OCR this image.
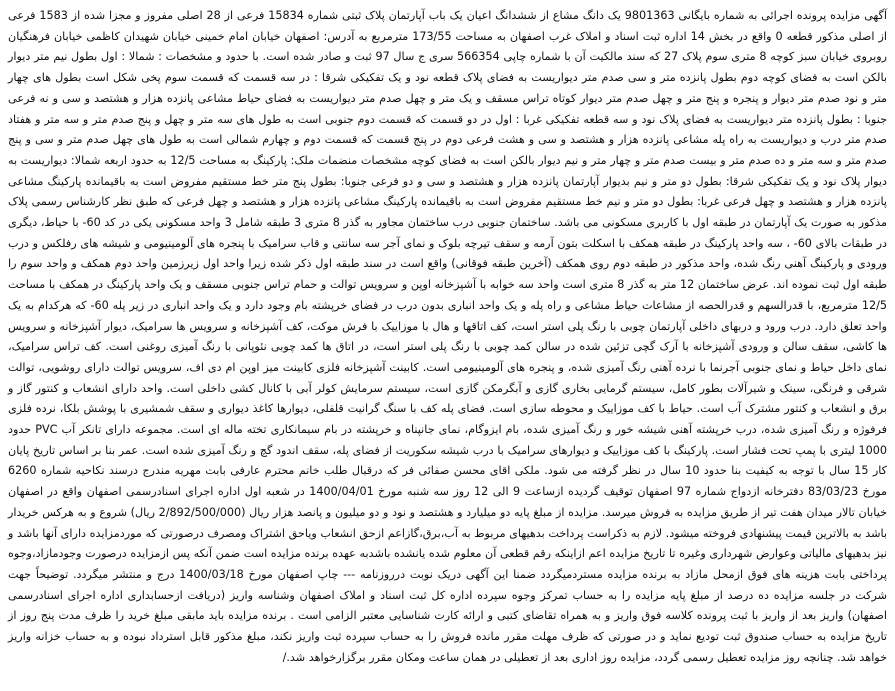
آگهی مزایده پرونده اجرائی به شماره بایگانی 9801363 یک دانگ مشاع از ششدانگ اعیان یک باب آپارتمان پلاک ثبتی شماره 15834 فرعی از 28 اصلی مفروز و مجزا شده از 1583 فرعی از اصلی مذکور قطعه 0 واقع در بخش 14 اداره ثبت اسناد و املاک غرب اصفهان به مساحت 173/55 مترمربع به آدرس: اصفهان خیابان امام خمینی خیابان شهیدان کاظمی خیابان فرهنگیان روبروی خیابان سبز کوچه 8 متری سوم پلاک 27 که سند مالکیت آن با شماره چاپی 566354 سری ج سال 97 ثبت و صادر شده است. با حدود و مشخصات : شمالا : اول بطول نیم متر دیوار بالکن است به فضای کوچه دوم بطول پانزده متر و سی صدم متر دیواریست به فضای پلاک قطعه نود و یک تفکیکی شرقا : در سه قسمت که قسمت سوم پخی شکل است بطول های چهار متر و نود صدم متر دیوار و پنجره و پنج متر و چهل صدم متر دیوار کوتاه تراس مسقف و یک متر و چهل صدم متر دیواریست به فضای حیاط مشاعی پانزده هزار و هشتصد و سی و نه فرعی جنوبا : بطول پانزده متر دیواریست به فضای پلاک نود و سه قطعه تفکیکی غربا : اول در دو قسمت که قسمت دوم جنوبی است به طول های سه متر و چهل و پنج صدم متر و سه متر و هفتاد صدم متر درب و دیواریست به راه پله مشاعی پانزده هزار و هشتصد و سی و هشت فرعی دوم در پنج قسمت که قسمت دوم و چهارم شمالی است به طول های چهل صدم متر و سی و پنج صدم متر و سه متر و ده صدم متر و بیست صدم متر و چهار متر و نیم دیوار بالکن است به فضای کوچه مشخصات منضمات ملک: پارکینگ به مساحت 12/5 به حدود اربعه شمالا: دیواریست به دیوار پلاک نود و یک تفکیکی شرقا: بطول دو متر و نیم بدیوار آپارتمان پانزده هزار و هشتصد و سی و دو فرعی جنوبا: بطول پنج متر خط مستقیم مفروض است به باقیمانده پارکینگ مشاعی پانزده هزار و هشتصد و چهل فرعی غربا: بطول دو متر و نیم خط مستقیم مفروض است به باقیمانده پارکینگ مشاعی پانزده هزار و هشتصد و چهل فرعی که طبق نظر کارشناس رسمی پلاک مذکور به صورت یک آپارتمان در طبقه اول با کاربری مسکونی می باشد. ساختمان جنوبی درب ساختمان مجاور به گذر 8 متری 3 طبقه شامل 3 واحد مسکونی یکی در کد 60- با حیاط، دیگری در طبقات بالای 60- ، سه واحد پارکینگ در طبقه همکف با اسکلت بتون آرمه و سقف تیرچه بلوک و نمای آجر سه سانتی و قاب سرامیک با پنجره های آلومینیومی و شیشه های رفلکس و درب ورودی و پارکینگ آهنی رنگ شده، واحد مذکور در طبقه دوم روی همکف (آخرین طبقه فوقانی) واقع است در سند طبقه اول ذکر شده زیرا واحد اول زیرزمین واحد دوم همکف و واحد سوم را طبقه اول ثبت نموده اند. عرض ساختمان 12 متر به گذر 8 متری است واحد سه خوابه با آشپزخانه اوپن و سرویس توالت و حمام تراس جنوبی مسقف و یک واحد پارکینگ در همکف با مساحت 12/5 مترمربع، با قدرالسهم و قدرالحصه از مشاعات حیاط مشاعی و راه پله و یک واحد انباری بدون درب در فضای خرپشته بام وجود دارد و یک واحد انباری در زیر پله 60- که هرکدام به یک واحد تعلق دارد. درب ورود و دربهای داخلی آپارتمان چوبی با رنگ پلی استر است، کف اتاقها و هال با موزاییک با فرش موکت، کف آشپزخانه و سرویس ها سرامیک، دیوار آشپزخانه و سرویس ها کاشی، سقف سالن و ورودی آشپزخانه با آرک گچی تزئین شده در سالن کمد چوبی با رنگ پلی استر است، در اتاق ها کمد چوبی نئوپانی با رنگ آمیزی روغنی است. کف تراس سرامیک، نمای داخل حیاط و نمای جنوبی آجرنما با نرده آهنی رنگ آمیزی شده، و پنجره های آلومینیومی است. کابینت آشپزخانه فلزی کابینت میز اوپن ام دی اف، سرویس توالت دارای روشویی، توالت شرقی و فرنگی، سینک و شیرآلات بطور کامل، سیستم گرمایی بخاری گازی و آبگرمکن گازی است، سیستم سرمایش کولر آبی با کانال کشی داخلی است. واحد دارای انشعاب و کنتور گاز و برق و انشعاب و کنتور مشترک آب است. حیاط با کف موزاییک و محوطه سازی است. فضای پله کف با سنگ گرانیت قلفلی، دیوارها کاغذ دیواری و سقف شمشیری با پوشش بلکا، نرده فلزی فرفوژه و رنگ آمیزی شده، درب خرپشته آهنی شیشه خور و رنگ آمیزی شده، بام ایزوگام، نمای جانپناه و خرپشته در بام سیمانکاری تخته ماله ای است. مجموعه دارای تانکر آب PVC حدود 1000 لیتری با پمپ تحت فشار است. پارکینگ با کف موزاییک و دیوارهای سرامیک با درب شیشه سکوریت از فضای پله، سقف اندود گچ و رنگ آمیزی شده است. عمر بنا بر اساس تاریخ پایان کار 15 سال با توجه به کیفیت بنا حدود 10 سال در نظر گرفته می شود. ملکی اقای محسن صفائی فر که درقبال طلب خانم محترم عارفی بابت مهریه مندرج درسند نکاحیه شماره 6260 مورخ 83/03/23 دفترخانه ازدواج شماره 97 اصفهان توقیف گردیده ازساعت 9 الی 12 روز سه شنبه مورخ 1400/04/01 در شعبه اول اداره اجرای اسنادرسمی اصفهان واقع در اصفهان خیابان تالار میدان هفت تیر از طریق مزایده به فروش میرسد. مزایده از مبلغ پایه دو میلیارد و هشتصد و نود و دو میلیون و پانصد هزار ریال (2/892/500/000 ریال) شروع و به هرکس خریدار باشد به بالاترین قیمت پیشنهادی فروخته میشود. لازم به ذکراست پرداخت بدهیهای مربوط به آب،برق،گازاعم ازحق انشعاب وياحق اشتراک ومصرف درصورتی که موردمزایده دارای آنها باشد و نیز بدهیهای مالیاتی وعوارض شهرداری وغیره تا تاریخ مزایده اعم ازاینکه رقم قطعی آن معلوم شده یانشده باشدبه عهده برنده مزایده است ضمن آنکه پس ازمزایده درصورت وجودمازاد،وجوه پرداختی بابت هزینه های فوق ازمحل مازاد به برنده مزایده مستردمیگردد ضمنا این آگهی دریک نوبت درروزنامه --- چاپ اصفهان مورخ 1400/03/18 درج و منتشر میگردد. توضیحاً جهت شرکت در جلسه مزایده ده درصد از مبلغ پایه مزایده را به حساب تمرکز وجوه سپرده اداره کل ثبت اسناد و املاک اصفهان وشناسه واریز (دریافت ازحسابداری اداره اجرای اسنادرسمی اصفهان) واریز بعد از واریز با ثبت پرونده کلاسه فوق واریز و به همراه تقاضای کتبی و ارائه کارت شناسایی معتبر الزامی است . برنده مزایده باید مابقی مبلغ خرید را ظرف مدت پنج روز از تاریخ مزایده به حساب صندوق ثبت تودیع نماید و در صورتی که ظرف مهلت مقرر مانده فروش را به حساب سپرده ثبت واریز نکند، مبلغ مذکور قابل استرداد نبوده و به حساب خزانه واریز خواهد شد. چنانچه روز مزایده تعطیل رسمی گردد، مزایده روز اداری بعد از تعطیلی در همان ساعت ومکان مقرر برگزارخواهد شد./
